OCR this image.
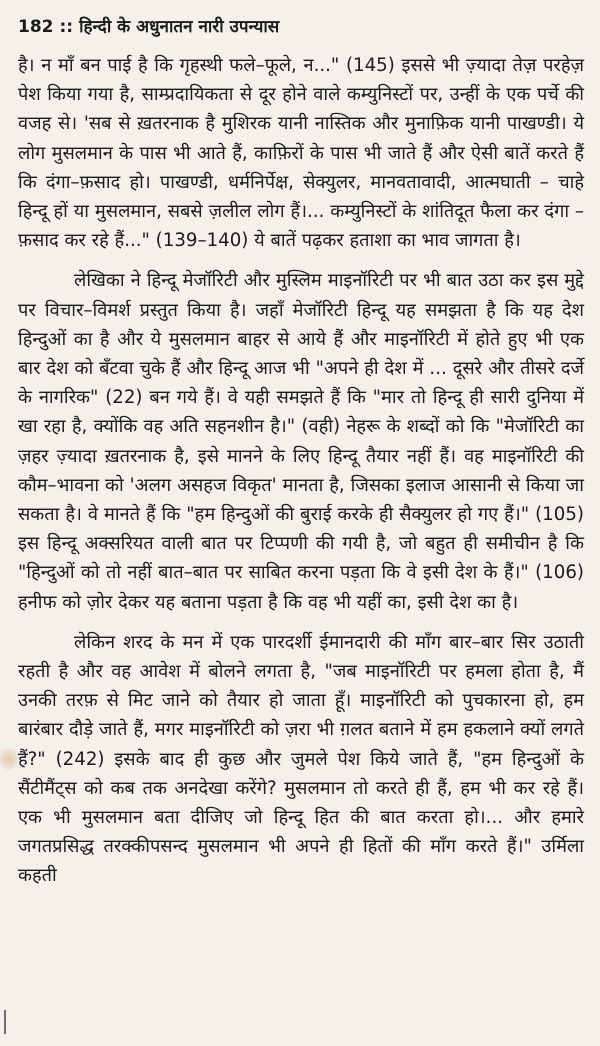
182 :: हिन्दी के अधुनातन नारी उपन्यास

है। न माँ बन पाई है कि गृहस्थी फले–फूले, न..." (145) इससे भी ज़्यादा तेज़ परहेज़ पेश किया गया है, साम्प्रदायिकता से दूर होने वाले कम्युनिस्टों पर, उन्हीं के एक पर्चे की वजह से। 'सब से ख़तरनाक है मुशिरक यानी नास्तिक और मुनाफ़िक यानी पाखण्डी। ये लोग मुसलमान के पास भी आते हैं, काफ़िरों के पास भी जाते हैं और ऐसी बातें करते हैं कि दंगा–फ़साद हो। पाखण्डी, धर्मनिर्पेक्ष, सेक्युलर, मानवतावादी, आत्मघाती – चाहे हिन्दू हों या मुसलमान, सबसे ज़लील लोग हैं।... कम्युनिस्टों के शांतिदूत फैला कर दंगा – फ़साद कर रहे हैं..." (139–140) ये बातें पढ़कर हताशा का भाव जागता है।

लेखिका ने हिन्दू मेजॉरिटी और मुस्लिम माइनॉरिटी पर भी बात उठा कर इस मुद्दे पर विचार–विमर्श प्रस्तुत किया है। जहाँ मेजॉरिटी हिन्दू यह समझता है कि यह देश हिन्दुओं का है और ये मुसलमान बाहर से आये हैं और माइनॉरिटी में होते हुए भी एक बार देश को बँटवा चुके हैं और हिन्दू आज भी "अपने ही देश में ... दूसरे और तीसरे दर्जे के नागरिक" (22) बन गये हैं। वे यही समझते हैं कि "मार तो हिन्दू ही सारी दुनिया में खा रहा है, क्योंकि वह अति सहनशीन है।" (वही) नेहरू के शब्दों को कि "मेजॉरिटी का ज़हर ज़्यादा ख़तरनाक है, इसे मानने के लिए हिन्दू तैयार नहीं हैं। वह माइनॉरिटी की कौम–भावना को 'अलग असहज विकृत' मानता है, जिसका इलाज आसानी से किया जा सकता है। वे मानते हैं कि "हम हिन्दुओं की बुराई करके ही सैक्युलर हो गए हैं।" (105) इस हिन्दू अक्सरियत वाली बात पर टिप्पणी की गयी है, जो बहुत ही समीचीन है कि "हिन्दुओं को तो नहीं बात–बात पर साबित करना पड़ता कि वे इसी देश के हैं।" (106) हनीफ को ज़ोर देकर यह बताना पड़ता है कि वह भी यहीं का, इसी देश का है।

लेकिन शरद के मन में एक पारदर्शी ईमानदारी की माँग बार–बार सिर उठाती रहती है और वह आवेश में बोलने लगता है, "जब माइनॉरिटी पर हमला होता है, मैं उनकी तरफ़ से मिट जाने को तैयार हो जाता हूँ। माइनॉरिटी को पुचकारना हो, हम बारंबार दौड़े जाते हैं, मगर माइनॉरिटी को ज़रा भी ग़लत बताने में हम हकलाने क्यों लगते हैं?" (242) इसके बाद ही कुछ और जुमले पेश किये जाते हैं, "हम हिन्दुओं के सैंटीमैंट्स को कब तक अनदेखा करेंगे? मुसलमान तो करते ही हैं, हम भी कर रहे हैं। एक भी मुसलमान बता दीजिए जो हिन्दू हित की बात करता हो।... और हमारे जगतप्रसिद्ध तरक्कीपसन्द मुसलमान भी अपने ही हितों की माँग करते हैं।" उर्मिला कहती
